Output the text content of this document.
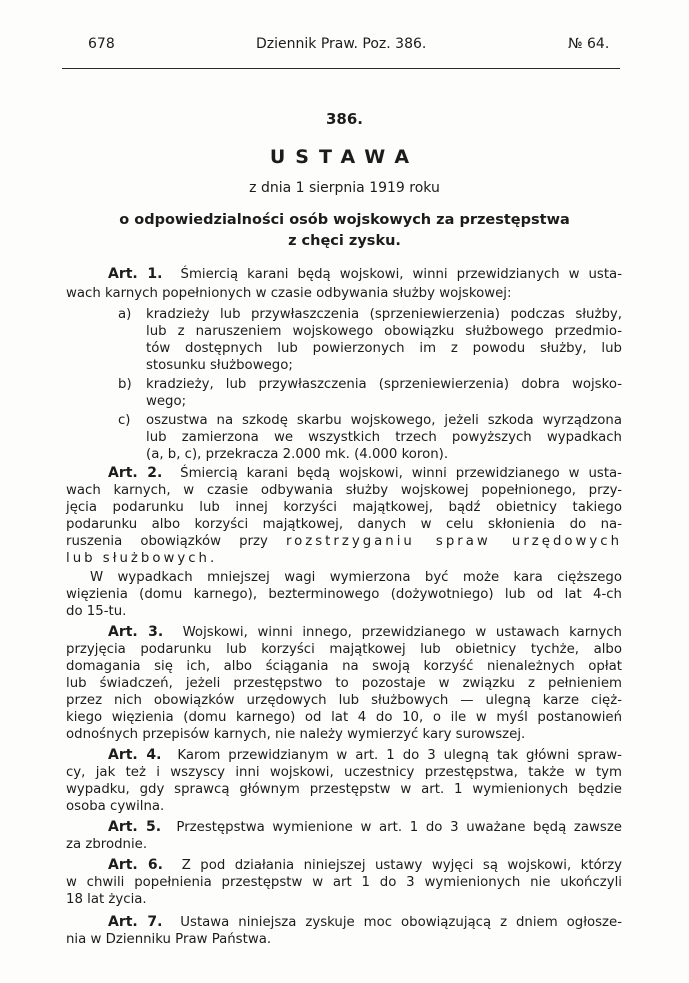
678	Dziennik Praw. Poz. 386.	№ 64.
386.
USTAWA
z dnia 1 sierpnia 1919 roku
o odpowiedzialności osób wojskowych za przestępstwa
z chęci zysku.
Art. 1. Śmiercią karani będą wojskowi, winni przewidzianych w usta-
wach karnych popełnionych w czasie odbywania służby wojskowej:
a) kradzieży lub przywłaszczenia (sprzeniewierzenia) podczas służby,
lub z naruszeniem wojskowego obowiązku służbowego przedmio-
tów dostępnych lub powierzonych im z powodu służby, lub
stosunku służbowego;
b) kradzieży, lub przywłaszczenia (sprzeniewierzenia) dobra wojsko-
wego;
c) oszustwa na szkodę skarbu wojskowego, jeżeli szkoda wyrządzona
lub zamierzona we wszystkich trzech powyższych wypadkach
(a, b, c), przekracza 2.000 mk. (4.000 koron).
Art. 2. Śmiercią karani będą wojskowi, winni przewidzianego w usta-
wach karnych, w czasie odbywania służby wojskowej popełnionego, przy-
jęcia podarunku lub innej korzyści majątkowej, bądź obietnicy takiego
podarunku albo korzyści majątkowej, danych w celu skłonienia do na-
ruszenia obowiązków przy rozstrzyganiu spraw urzędowych
lub służbowych.
W wypadkach mniejszej wagi wymierzona być może kara cięższego
więzienia (domu karnego), bezterminowego (dożywotniego) lub od lat 4-ch
do 15-tu.
Art. 3. Wojskowi, winni innego, przewidzianego w ustawach karnych
przyjęcia podarunku lub korzyści majątkowej lub obietnicy tychże, albo
domagania się ich, albo ściągania na swoją korzyść nienależnych opłat
lub świadczeń, jeżeli przestępstwo to pozostaje w związku z pełnieniem
przez nich obowiązków urzędowych lub służbowych — ulegną karze cięż-
kiego więzienia (domu karnego) od lat 4 do 10, o ile w myśl postanowień
odnośnych przepisów karnych, nie należy wymierzyć kary surowszej.
Art. 4. Karom przewidzianym w art. 1 do 3 ulegną tak główni spraw-
cy, jak też i wszyscy inni wojskowi, uczestnicy przestępstwa, także w tym
wypadku, gdy sprawcą głównym przestępstw w art. 1 wymienionych będzie
osoba cywilna.
Art. 5. Przestępstwa wymienione w art. 1 do 3 uważane będą zawsze
za zbrodnie.
Art. 6. Z pod działania niniejszej ustawy wyjęci są wojskowi, którzy
w chwili popełnienia przestępstw w art 1 do 3 wymienionych nie ukończyli
18 lat życia.
Art. 7. Ustawa niniejsza zyskuje moc obowiązującą z dniem ogłosze-
nia w Dzienniku Praw Państwa.
